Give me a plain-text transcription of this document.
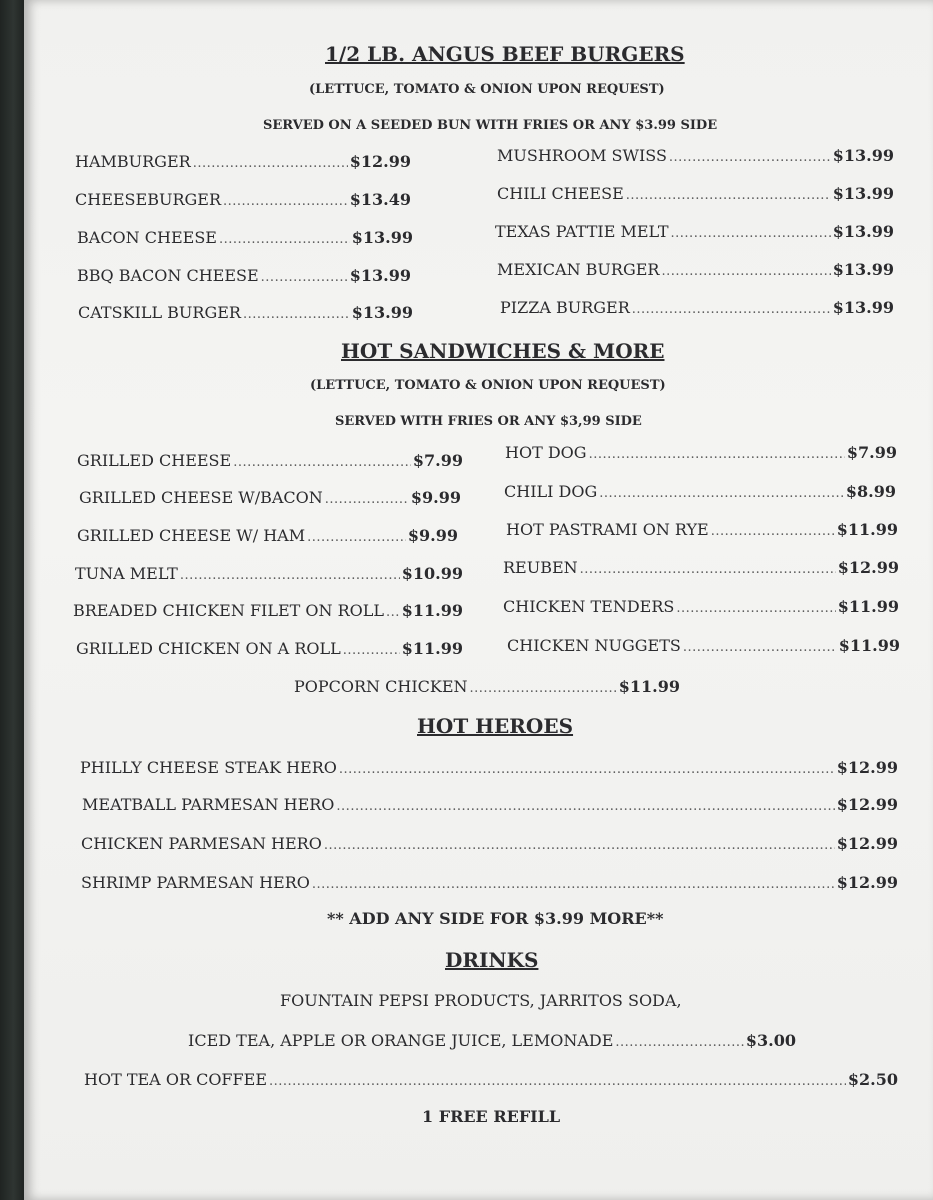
1/2 LB. ANGUS BEEF BURGERS
(LETTUCE, TOMATO & ONION UPON REQUEST)
SERVED ON A SEEDED BUN WITH FRIES OR ANY $3.99 SIDE
HAMBURGER .....	$12.99
CHEESEBURGER .....	$13.49
BACON CHEESE .....	$13.99
BBQ BACON CHEESE .....	$13.99
CATSKILL BURGER .....	$13.99
MUSHROOM SWISS .....	$13.99
CHILI CHEESE .....	$13.99
TEXAS PATTIE MELT .....	$13.99
MEXICAN BURGER .....	$13.99
PIZZA BURGER .....	$13.99
HOT SANDWICHES & MORE
(LETTUCE, TOMATO & ONION UPON REQUEST)
SERVED WITH FRIES OR ANY $3,99 SIDE
GRILLED CHEESE .....	$7.99
GRILLED CHEESE W/BACON .....	$9.99
GRILLED CHEESE W/ HAM .....	$9.99
TUNA MELT .....	$10.99
BREADED CHICKEN FILET ON ROLL ..... $11.99
GRILLED CHICKEN ON A ROLL .....	$11.99
HOT DOG .....	$7.99
CHILI DOG .....	$8.99
HOT PASTRAMI ON RYE .....	$11.99
REUBEN .....	$12.99
CHICKEN TENDERS .....	$11.99
CHICKEN NUGGETS .....	$11.99
POPCORN CHICKEN .....	$11.99
HOT HEROES
PHILLY CHEESE STEAK HERO .....	$12.99
MEATBALL PARMESAN HERO .....	$12.99
CHICKEN PARMESAN HERO .....	$12.99
SHRIMP PARMESAN HERO .....	$12.99
** ADD ANY SIDE FOR $3.99 MORE**
DRINKS
FOUNTAIN PEPSI PRODUCTS, JARRITOS SODA,
ICED TEA, APPLE OR ORANGE JUICE, LEMONADE .....	$3.00
HOT TEA OR COFFEE .....	$2.50
1 FREE REFILL
